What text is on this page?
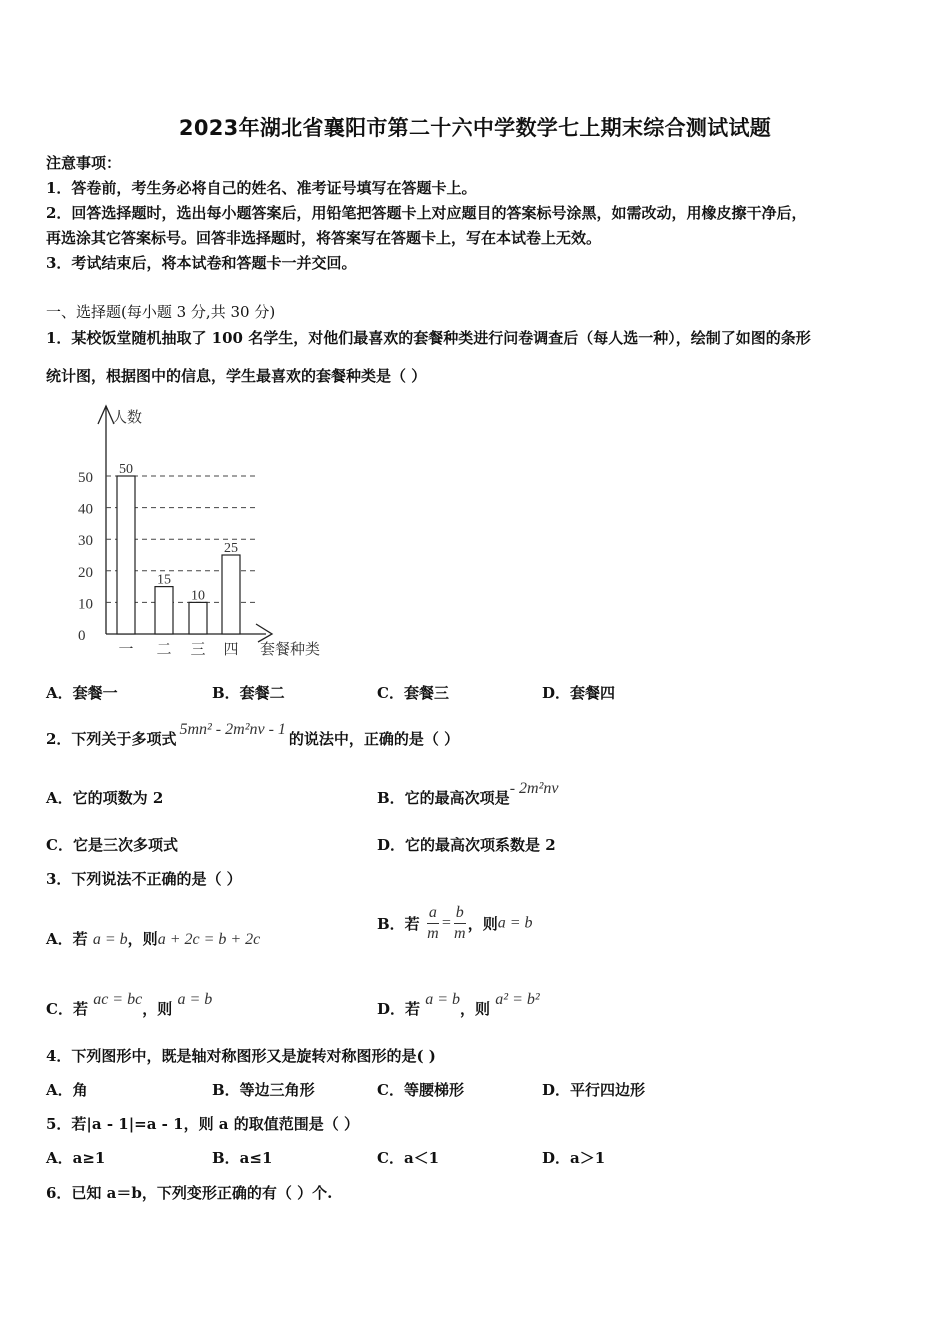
2023年湖北省襄阳市第二十六中学数学七上期末综合测试试题
注意事项：
1．答卷前，考生务必将自己的姓名、准考证号填写在答题卡上。
2．回答选择题时，选出每小题答案后，用铅笔把答题卡上对应题目的答案标号涂黑，如需改动，用橡皮擦干净后，
再选涂其它答案标号。回答非选择题时，将答案写在答题卡上，写在本试卷上无效。
3．考试结束后，将本试卷和答题卡一并交回。
一、选择题(每小题 3 分,共 30 分)
1．某校饭堂随机抽取了 100 名学生，对他们最喜欢的套餐种类进行问卷调查后（每人选一种），绘制了如图的条形
统计图，根据图中的信息，学生最喜欢的套餐种类是（ ）
人数
套餐种类
0
10
20
30
40
50
50
一
15
二
10
三
25
四
A．套餐一	B．套餐二	C．套餐三	D．套餐四
2．下列关于多项式5mn² - 2m²nv - 1的说法中，正确的是（ ）
A．它的项数为 2	B．它的最高次项是- 2m²nv
C．它是三次多项式	D．它的最高次项系数是 2
3．下列说法不正确的是（ ）
A．若 a = b，则a + 2c = b + 2c
B．若 $\frac{a}{m} = \frac{b}{m}$ ，则a = b
C．若 ac = bc，则 a = b
D．若 a = b，则 a² = b²
4．下列图形中，既是轴对称图形又是旋转对称图形的是( )
A．角	B．等边三角形	C．等腰梯形	D．平行四边形
5．若|a - 1|=a - 1，则 a 的取值范围是（ ）
A．a≥1	B．a≤1	C．a＜1	D．a＞1
6．已知 a＝b，下列变形正确的有（ ）个.
